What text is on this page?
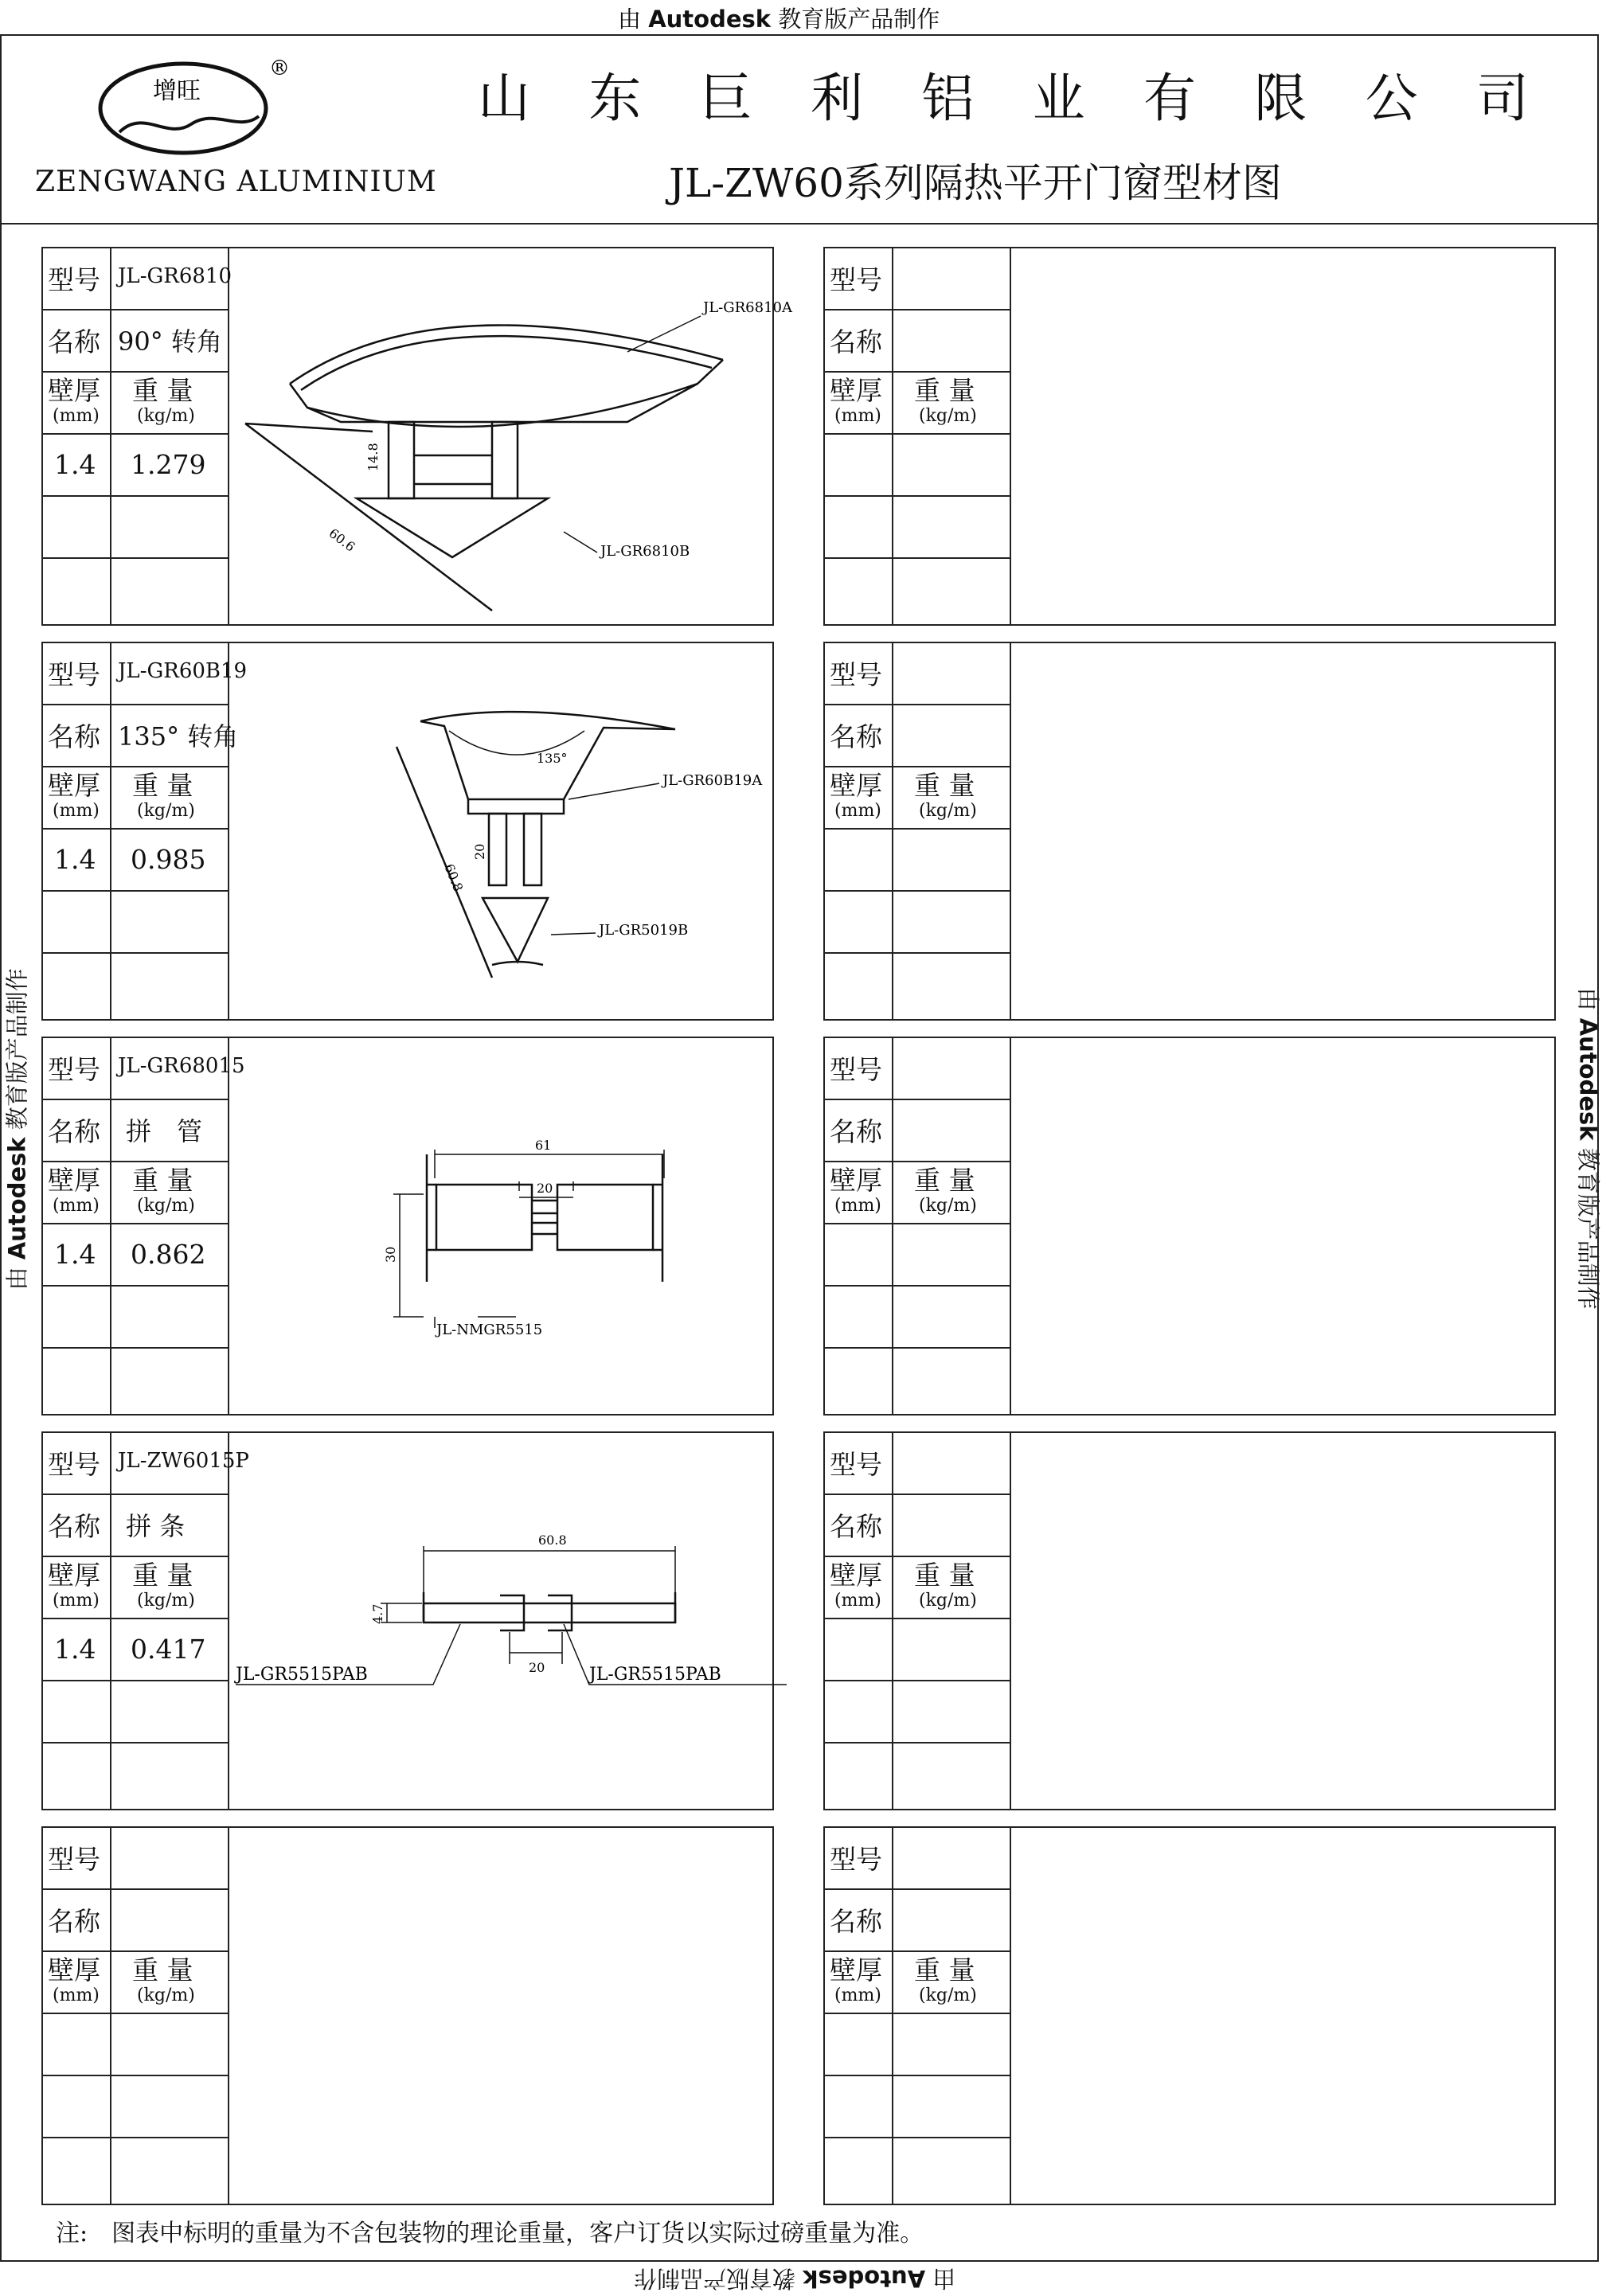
由 Autodesk 教育版产品制作
由 Autodesk 教育版产品制作
由 Autodesk 教育版产品制作	由 Autodesk 教育版产品制作
增旺
®
ZENGWANG ALUMINIUM
山 东 巨 利 铝 业 有 限 公 司
JL-ZW60系列隔热平开门窗型材图
型号 JL-GR6810
名称 90° 转角
壁厚
(mm)
重 量
(kg/m)
1.4 1.279
60.6
14.8
JL-GR6810A
JL-GR6810B
型号 JL-GR60B19
名称 135° 转角
壁厚
(mm)
重 量
(kg/m)
1.4 0.985
135°
20
60.8
JL-GR60B19A
JL-GR5019B
型号 JL-GR68015
名称 拼　管
壁厚
(mm)
重 量
(kg/m)
1.4 0.862
61
20
30
JL-NMGR5515
型号 JL-ZW6015P
名称 拼 条
壁厚
(mm)
重 量
(kg/m)
1.4 0.417
60.8
4.7
20
JL-GR5515PAB	JL-GR5515PAB
型号
名称
壁厚
(mm)
重 量
(kg/m)
型号
名称
壁厚
(mm)
重 量
(kg/m)
型号
名称
壁厚
(mm)
重 量
(kg/m)
型号
名称
壁厚
(mm)
重 量
(kg/m)
型号
名称
壁厚
(mm)
重 量
(kg/m)
型号
名称
壁厚
(mm)
重 量
(kg/m)
注:　图表中标明的重量为不含包装物的理论重量，客户订货以实际过磅重量为准。
